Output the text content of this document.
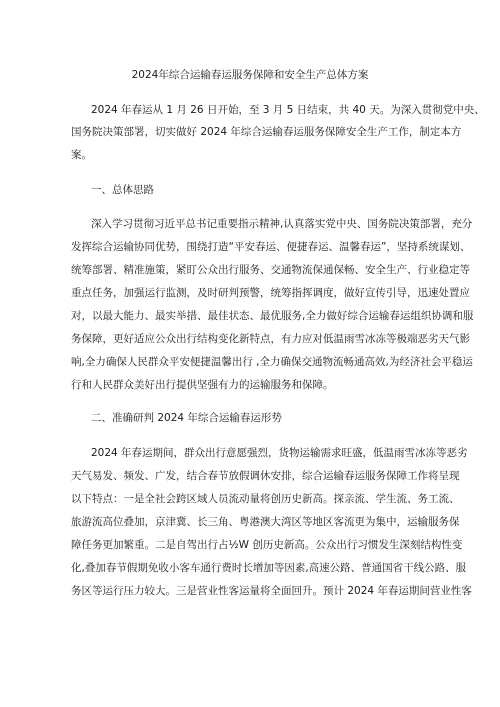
2024年综合运输春运服务保障和安全生产总体方案
2024 年春运从 1 月 26 日开始，至 3 月 5 日结束，共 40 天。为深入贯彻党中央、
国务院决策部署，切实做好 2024 年综合运输春运服务保障安全生产工作，制定本方
案。
一、总体思路
深入学习贯彻习近平总书记重要指示精神,认真落实党中央、国务院决策部署，充分
发挥综合运输协同优势，围绕打造“平安春运、便捷春运、温馨春运”，坚持系统谋划、
统筹部署、精准施策，紧盯公众出行服务、交通物流保通保畅、安全生产、行业稳定等
重点任务，加强运行监测，及时研判预警，统筹指挥调度，做好宣传引导，迅速处置应
对，以最大能力、最实举措、最佳状态、最优服务,全力做好综合运输春运组织协调和服
务保障，更好适应公众出行结构变化新特点，有力应对低温雨雪冰冻等极端恶劣天气影
响,全力确保人民群众平安便捷温馨出行 ,全力确保交通物流畅通高效,为经济社会平稳运
行和人民群众美好出行提供坚强有力的运输服务和保障。
二、准确研判 2024 年综合运输春运形势
2024 年春运期间，群众出行意愿强烈，货物运输需求旺盛，低温雨雪冰冻等恶劣
天气易发、频发、广发，结合春节放假调休安排，综合运输春运服务保障工作将呈现
以下特点：一是全社会跨区域人员流动量将创历史新高。探亲流、学生流、务工流、
旅游流高位叠加，京津冀、长三角、粤港澳大湾区等地区客流更为集中，运输服务保
障任务更加繁重。二是自驾出行占½W 创历史新高。公众出行习惯发生深刻结构性变
化,叠加春节假期免收小客车通行费时长增加等因素,高速公路、普通国省干线公路、服
务区等运行压力较大。三是营业性客运量将全面回升。预计 2024 年春运期间营业性客
